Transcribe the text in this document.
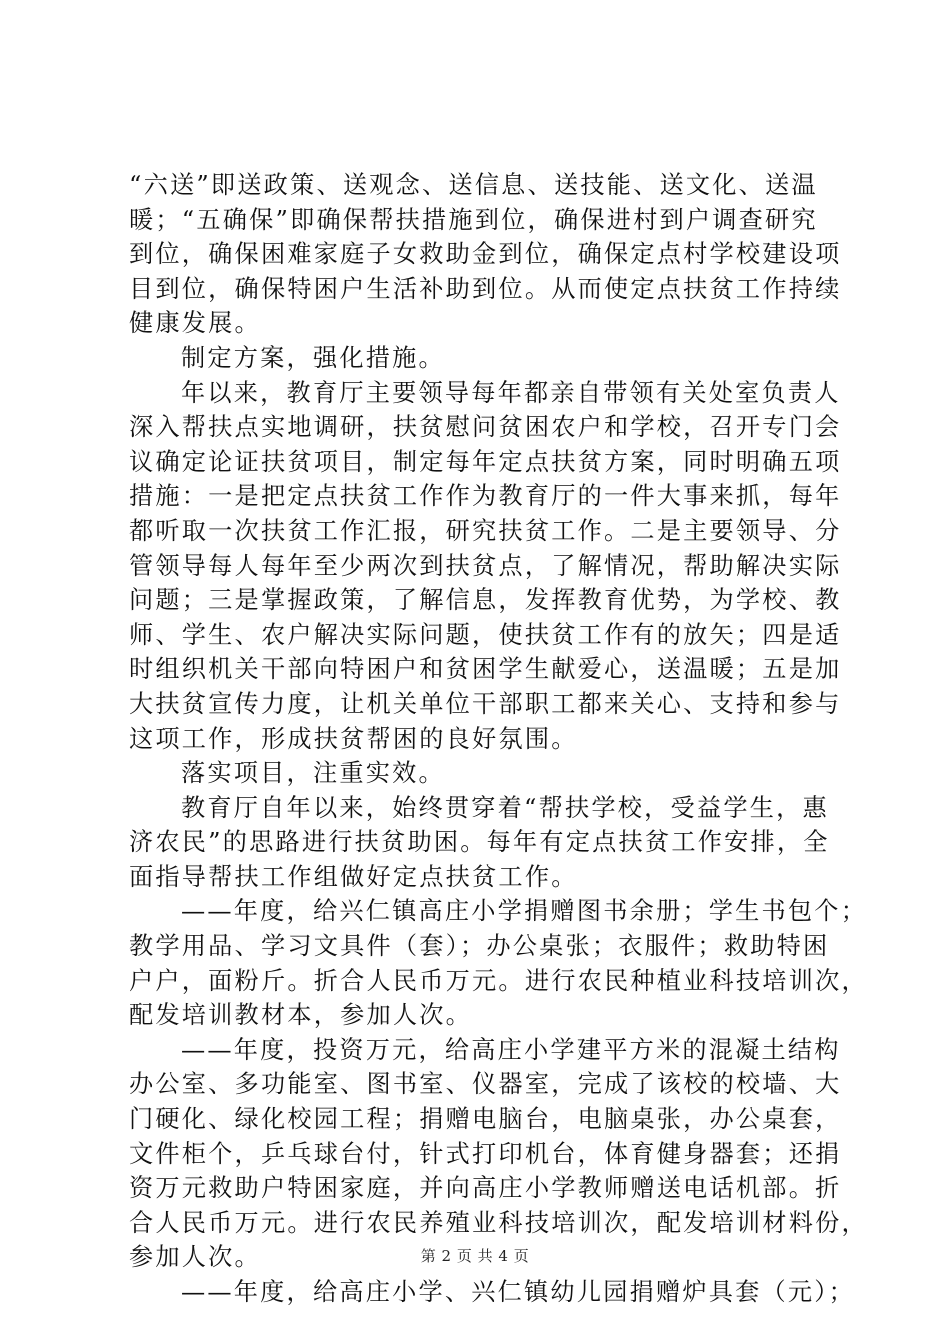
“六送”即送政策、送观念、送信息、送技能、送文化、送温
暖；“五确保”即确保帮扶措施到位，确保进村到户调查研究
到位，确保困难家庭子女救助金到位，确保定点村学校建设项
目到位，确保特困户生活补助到位。从而使定点扶贫工作持续
健康发展。
制定方案，强化措施。
年以来，教育厅主要领导每年都亲自带领有关处室负责人
深入帮扶点实地调研，扶贫慰问贫困农户和学校，召开专门会
议确定论证扶贫项目，制定每年定点扶贫方案，同时明确五项
措施：一是把定点扶贫工作作为教育厅的一件大事来抓，每年
都听取一次扶贫工作汇报，研究扶贫工作。二是主要领导、分
管领导每人每年至少两次到扶贫点，了解情况，帮助解决实际
问题；三是掌握政策，了解信息，发挥教育优势，为学校、教
师、学生、农户解决实际问题，使扶贫工作有的放矢；四是适
时组织机关干部向特困户和贫困学生献爱心，送温暖；五是加
大扶贫宣传力度，让机关单位干部职工都来关心、支持和参与
这项工作，形成扶贫帮困的良好氛围。
落实项目，注重实效。
教育厅自年以来，始终贯穿着“帮扶学校，受益学生，惠
济农民”的思路进行扶贫助困。每年有定点扶贫工作安排，全
面指导帮扶工作组做好定点扶贫工作。
——年度，给兴仁镇高庄小学捐赠图书余册；学生书包个；
教学用品、学习文具件（套）；办公桌张；衣服件；救助特困
户户，面粉斤。折合人民币万元。进行农民种植业科技培训次，
配发培训教材本，参加人次。
——年度，投资万元，给高庄小学建平方米的混凝土结构
办公室、多功能室、图书室、仪器室，完成了该校的校墙、大
门硬化、绿化校园工程；捐赠电脑台，电脑桌张，办公桌套，
文件柜个，乒乓球台付，针式打印机台，体育健身器套；还捐
资万元救助户特困家庭，并向高庄小学教师赠送电话机部。折
合人民币万元。进行农民养殖业科技培训次，配发培训材料份，
参加人次。
——年度，给高庄小学、兴仁镇幼儿园捐赠炉具套（元）；
第 2 页 共 4 页
